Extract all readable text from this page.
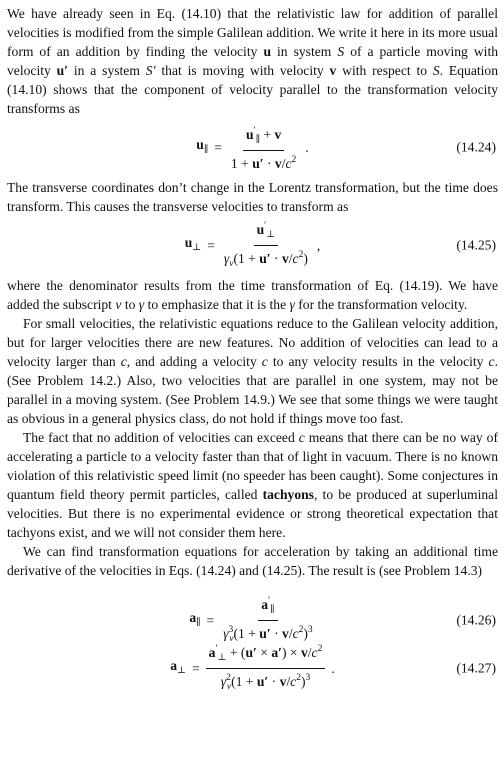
We have already seen in Eq. (14.10) that the relativistic law for addition of parallel velocities is modified from the simple Galilean addition. We write it here in its more usual form of an addition by finding the velocity u in system S of a particle moving with velocity u′ in a system S′ that is moving with velocity v with respect to S. Equation (14.10) shows that the component of velocity parallel to the transformation velocity transforms as

$u_\parallel = \frac{u'_\parallel + v}{1 + u' \cdot v/c^2}$ .	(14.24)

The transverse coordinates don’t change in the Lorentz transformation, but the time does transform. This causes the transverse velocities to transform as

$u_\perp = \frac{u'_\perp}{\gamma_v(1 + u' \cdot v/c^2)}$ ,	(14.25)

where the denominator results from the time transformation of Eq. (14.19). We have added the subscript v to γ to emphasize that it is the γ for the transformation velocity.

For small velocities, the relativistic equations reduce to the Galilean velocity addition, but for larger velocities there are new features. No addition of velocities can lead to a velocity larger than c, and adding a velocity c to any velocity results in the velocity c. (See Problem 14.2.) Also, two velocities that are parallel in one system, may not be parallel in a moving system. (See Problem 14.9.) We see that some things we were taught as obvious in a general physics class, do not hold if things move too fast.

The fact that no addition of velocities can exceed c means that there can be no way of accelerating a particle to a velocity faster than that of light in vacuum. There is no known violation of this relativistic speed limit (no speeder has been caught). Some conjectures in quantum field theory permit particles, called tachyons, to be produced at superluminal velocities. But there is no experimental evidence or strong theoretical expectation that tachyons exist, and we will not consider them here.

We can find transformation equations for acceleration by taking an additional time derivative of the velocities in Eqs. (14.24) and (14.25). The result is (see Problem 14.3)

$a_\parallel = \frac{a'_\parallel}{\gamma^3_v(1 + u' \cdot v/c^2)^3}$	(14.26)
$a_\perp = \frac{a'_\perp + (u' \times a') \times v/c^2}{\gamma^2_v(1 + u' \cdot v/c^2)^3}$ .	(14.27)
